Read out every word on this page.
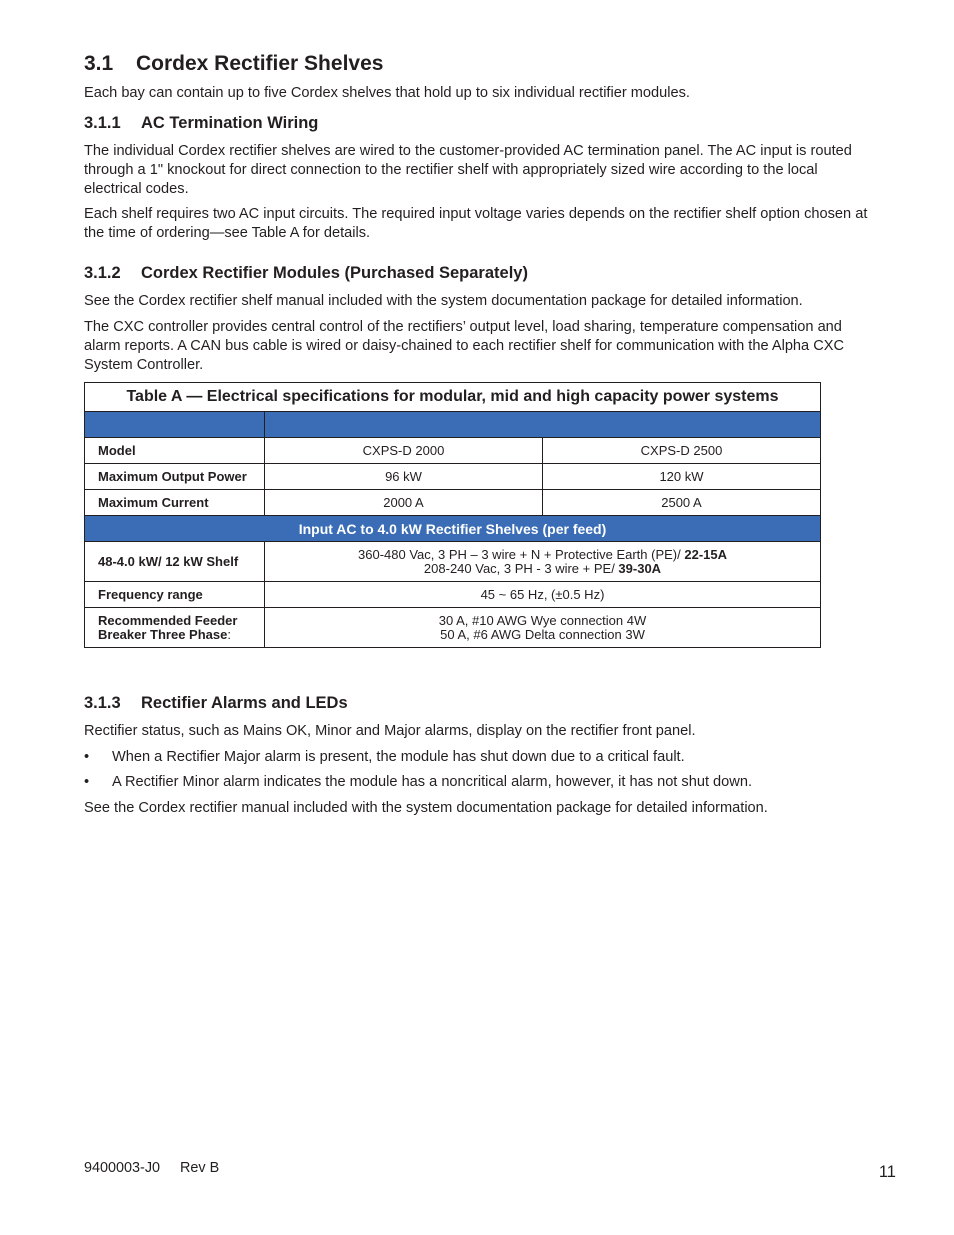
3.1 Cordex Rectifier Shelves

Each bay can contain up to five Cordex shelves that hold up to six individual rectifier modules.

3.1.1 AC Termination Wiring

The individual Cordex rectifier shelves are wired to the customer-provided AC termination panel. The AC input is routed through a 1" knockout for direct connection to the rectifier shelf with appropriately sized wire according to the local electrical codes.

Each shelf requires two AC input circuits. The required input voltage varies depends on the rectifier shelf option chosen at the time of ordering—see Table A for details.

3.1.2 Cordex Rectifier Modules (Purchased Separately)

See the Cordex rectifier shelf manual included with the system documentation package for detailed information.

The CXC controller provides central control of the rectifiers’ output level, load sharing, temperature compensation and alarm reports. A CAN bus cable is wired or daisy-chained to each rectifier shelf for communication with the Alpha CXC System Controller.

Table A — Electrical specifications for modular, mid and high capacity power systems		

Model	CXPS-D 2000	CXPS-D 2500
Maximum Output Power	96 kW	120 kW
Maximum Current	2000 A	2500 A
Input AC to 4.0 kW Rectifier Shelves (per feed)		
48-4.0 kW/ 12 kW Shelf	360-480 Vac, 3 PH – 3 wire + N + Protective Earth (PE)/ 22-15A
208-240 Vac, 3 PH - 3 wire + PE/ 39-30A	
Frequency range	45 ~ 65 Hz, (±0.5 Hz)	
Recommended Feeder
Breaker Three Phase:	30 A, #10 AWG Wye connection 4W
50 A, #6 AWG Delta connection 3W	
3.1.3 Rectifier Alarms and LEDs

Rectifier status, such as Mains OK, Minor and Major alarms, display on the rectifier front panel.

• When a Rectifier Major alarm is present, the module has shut down due to a critical fault.
• A Rectifier Minor alarm indicates the module has a noncritical alarm, however, it has not shut down.

See the Cordex rectifier manual included with the system documentation package for detailed information.

9400003-J0 Rev B	11
